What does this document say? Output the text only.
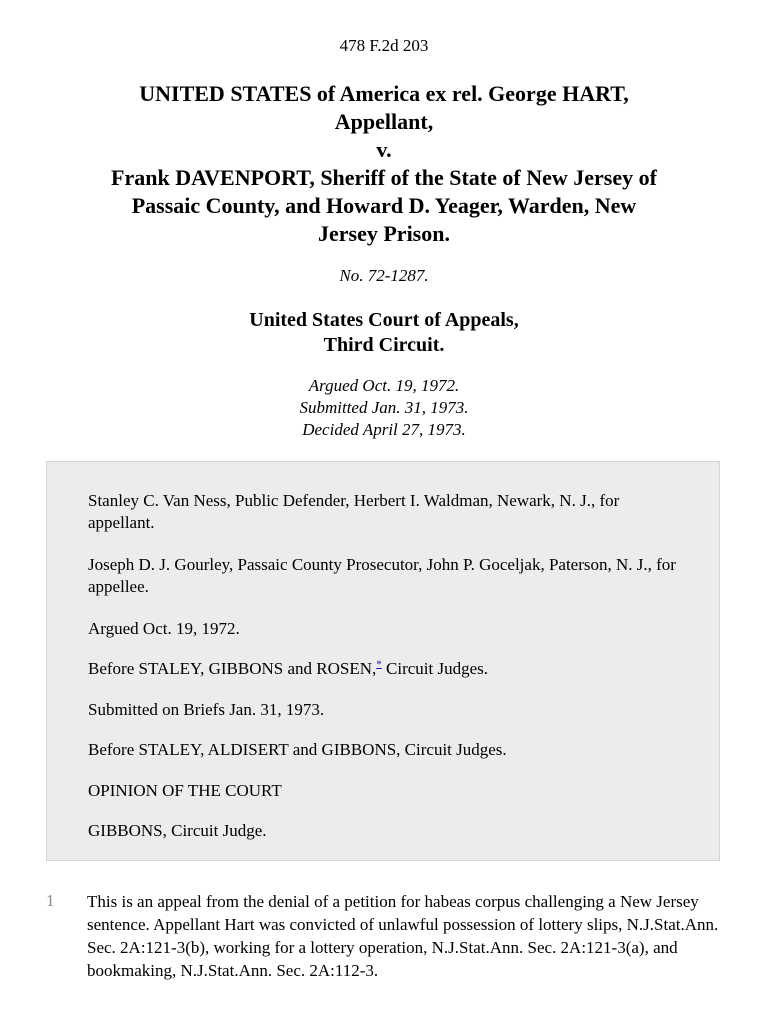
478 F.2d 203
UNITED STATES of America ex rel. George HART,
Appellant,
v.
Frank DAVENPORT, Sheriff of the State of New Jersey of
Passaic County, and Howard D. Yeager, Warden, New
Jersey Prison.
No. 72-1287.
United States Court of Appeals,
Third Circuit.
Argued Oct. 19, 1972.
Submitted Jan. 31, 1973.
Decided April 27, 1973.

Stanley C. Van Ness, Public Defender, Herbert I. Waldman, Newark, N. J., for appellant.

Joseph D. J. Gourley, Passaic County Prosecutor, John P. Goceljak, Paterson, N. J., for appellee.

Argued Oct. 19, 1972.

Before STALEY, GIBBONS and ROSEN,* Circuit Judges.

Submitted on Briefs Jan. 31, 1973.

Before STALEY, ALDISERT and GIBBONS, Circuit Judges.

OPINION OF THE COURT

GIBBONS, Circuit Judge.

1	This is an appeal from the denial of a petition for habeas corpus challenging a New Jersey sentence. Appellant Hart was convicted of unlawful possession of lottery slips, N.J.Stat.Ann. Sec. 2A:121-3(b), working for a lottery operation, N.J.Stat.Ann. Sec. 2A:121-3(a), and bookmaking, N.J.Stat.Ann. Sec. 2A:112-3.
